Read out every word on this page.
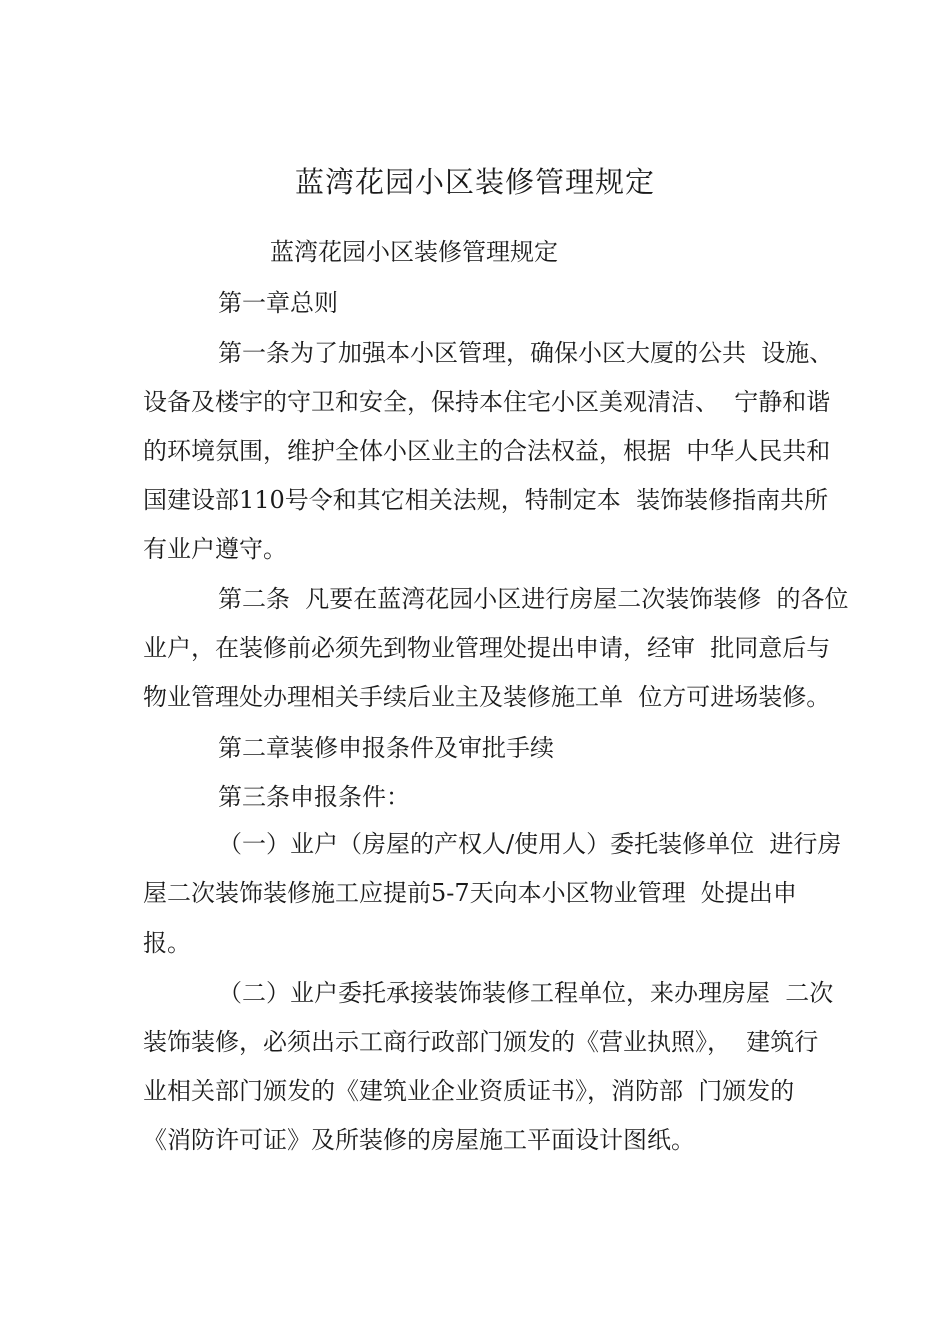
蓝湾花园小区装修管理规定

蓝湾花园小区装修管理规定

第一章总则

第一条为了加强本小区管理，确保小区大厦的公共  设施、

设备及楼宇的守卫和安全，保持本住宅小区美观清洁、  宁静和谐

的环境氛围，维护全体小区业主的合法权益，根据  中华人民共和

国建设部110号令和其它相关法规，特制定本  装饰装修指南共所

有业户遵守。

第二条  凡要在蓝湾花园小区进行房屋二次装饰装修  的各位

业户，在装修前必须先到物业管理处提出申请，经审  批同意后与

物业管理处办理相关手续后业主及装修施工单  位方可进场装修。

第二章装修申报条件及审批手续

第三条申报条件：

（一）业户（房屋的产权人/使用人）委托装修单位  进行房

屋二次装饰装修施工应提前5-7天向本小区物业管理  处提出申

报。

（二）业户委托承接装饰装修工程单位，来办理房屋  二次

装饰装修，必须出示工商行政部门颁发的《营业执照》，  建筑行

业相关部门颁发的《建筑业企业资质证书》，消防部  门颁发的

《消防许可证》及所装修的房屋施工平面设计图纸。
